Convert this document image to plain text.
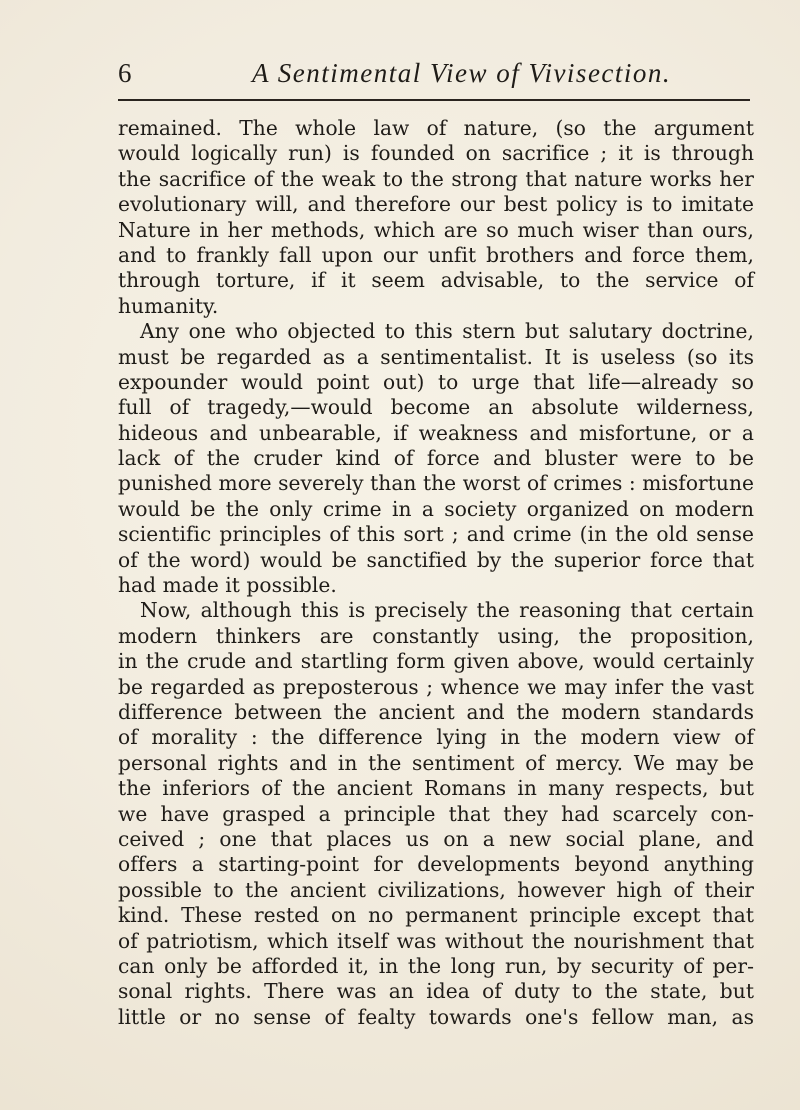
6	A Sentimental View of Vivisection.
remained. The whole law of nature, (so the argument
would logically run) is founded on sacrifice ; it is through
the sacrifice of the weak to the strong that nature works her
evolutionary will, and therefore our best policy is to imitate
Nature in her methods, which are so much wiser than ours,
and to frankly fall upon our unfit brothers and force them,
through torture, if it seem advisable, to the service of
humanity.
Any one who objected to this stern but salutary doctrine,
must be regarded as a sentimentalist. It is useless (so its
expounder would point out) to urge that life—already so
full of tragedy,—would become an absolute wilderness,
hideous and unbearable, if weakness and misfortune, or a
lack of the cruder kind of force and bluster were to be
punished more severely than the worst of crimes : misfortune
would be the only crime in a society organized on modern
scientific principles of this sort ; and crime (in the old sense
of the word) would be sanctified by the superior force that
had made it possible.
Now, although this is precisely the reasoning that certain
modern thinkers are constantly using, the proposition,
in the crude and startling form given above, would certainly
be regarded as preposterous ; whence we may infer the vast
difference between the ancient and the modern standards
of morality : the difference lying in the modern view of
personal rights and in the sentiment of mercy. We may be
the inferiors of the ancient Romans in many respects, but
we have grasped a principle that they had scarcely con-
ceived ; one that places us on a new social plane, and
offers a starting-point for developments beyond anything
possible to the ancient civilizations, however high of their
kind. These rested on no permanent principle except that
of patriotism, which itself was without the nourishment that
can only be afforded it, in the long run, by security of per-
sonal rights. There was an idea of duty to the state, but
little or no sense of fealty towards one's fellow man, as
